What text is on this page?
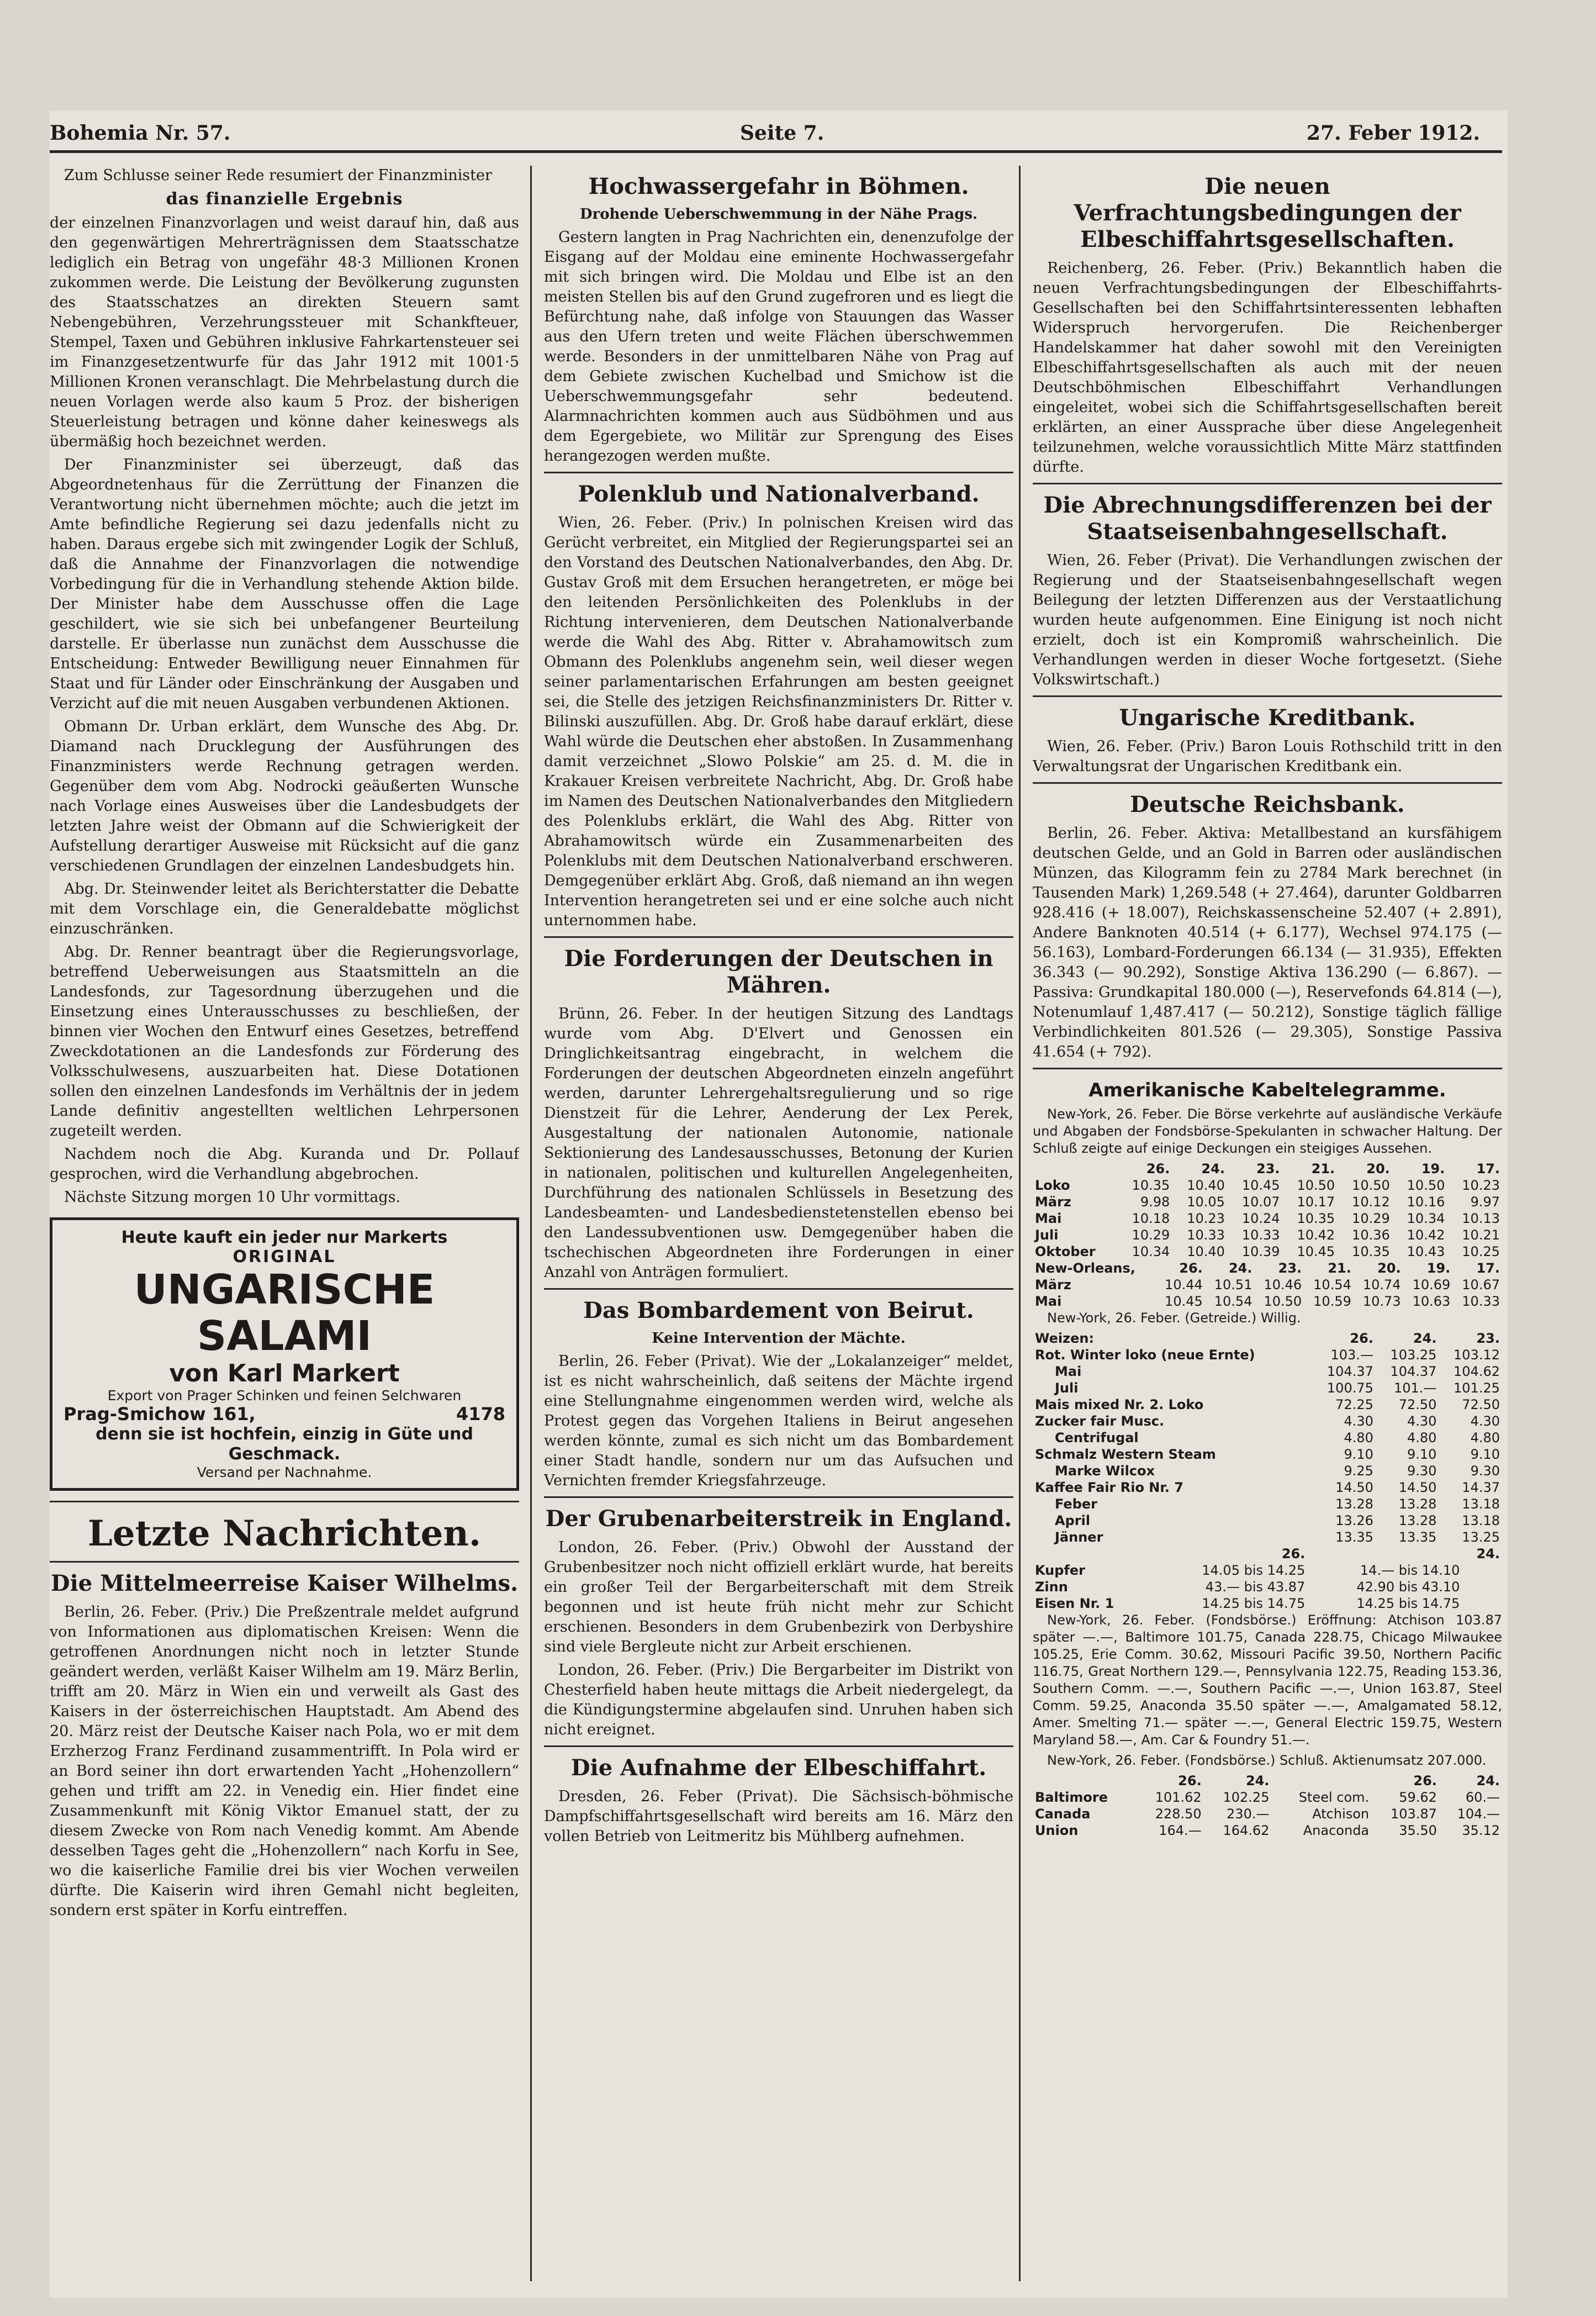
Bohemia Nr. 57.	Seite 7.	27. Feber 1912.

Zum Schlusse seiner Rede resumiert der Finanzminister

das finanzielle Ergebnis

der einzelnen Finanzvorlagen und weist darauf hin, daß aus den gegenwärtigen Mehrerträgnissen dem Staatsschatze lediglich ein Betrag von ungefähr 48·3 Millionen Kronen zukommen werde. Die Leistung der Bevölkerung zugunsten des Staatsschatzes an direkten Steuern samt Nebengebühren, Verzehrungssteuer mit Schankfteuer, Stempel, Taxen und Gebühren inklusive Fahrkartensteuer sei im Finanzgesetzentwurfe für das Jahr 1912 mit 1001·5 Millionen Kronen veranschlagt. Die Mehrbelastung durch die neuen Vorlagen werde also kaum 5 Proz. der bisherigen Steuerleistung betragen und könne daher keineswegs als übermäßig hoch bezeichnet werden.

Der Finanzminister sei überzeugt, daß das Abgeordnetenhaus für die Zerrüttung der Finanzen die Verantwortung nicht übernehmen möchte; auch die jetzt im Amte befindliche Regierung sei dazu jedenfalls nicht zu haben. Daraus ergebe sich mit zwingender Logik der Schluß, daß die Annahme der Finanzvorlagen die notwendige Vorbedingung für die in Verhandlung stehende Aktion bilde. Der Minister habe dem Ausschusse offen die Lage geschildert, wie sie sich bei unbefangener Beurteilung darstelle. Er überlasse nun zunächst dem Ausschusse die Entscheidung: Entweder Bewilligung neuer Einnahmen für Staat und für Länder oder Einschränkung der Ausgaben und Verzicht auf die mit neuen Ausgaben verbundenen Aktionen.

Obmann Dr. Urban erklärt, dem Wunsche des Abg. Dr. Diamand nach Drucklegung der Ausführungen des Finanzministers werde Rechnung getragen werden. Gegenüber dem vom Abg. Nodrocki geäußerten Wunsche nach Vorlage eines Ausweises über die Landesbudgets der letzten Jahre weist der Obmann auf die Schwierigkeit der Aufstellung derartiger Ausweise mit Rücksicht auf die ganz verschiedenen Grundlagen der einzelnen Landesbudgets hin.

Abg. Dr. Steinwender leitet als Berichterstatter die Debatte mit dem Vorschlage ein, die Generaldebatte möglichst einzuschränken.

Abg. Dr. Renner beantragt über die Regierungsvorlage, betreffend Ueberweisungen aus Staatsmitteln an die Landesfonds, zur Tagesordnung überzugehen und die Einsetzung eines Unterausschusses zu beschließen, der binnen vier Wochen den Entwurf eines Gesetzes, betreffend Zweckdotationen an die Landesfonds zur Förderung des Volksschulwesens, auszuarbeiten hat. Diese Dotationen sollen den einzelnen Landesfonds im Verhältnis der in jedem Lande definitiv angestellten weltlichen Lehrpersonen zugeteilt werden.

Nachdem noch die Abg. Kuranda und Dr. Pollauf gesprochen, wird die Verhandlung abgebrochen.

Nächste Sitzung morgen 10 Uhr vormittags.

Heute kauft ein jeder nur Markerts
ORIGINAL
UNGARISCHE SALAMI
von Karl Markert
Export von Prager Schinken und feinen Selchwaren
Prag-Smichow 161,	4178
denn sie ist hochfein, einzig in Güte und Geschmack.
Versand per Nachnahme.
Letzte Nachrichten.
Die Mittelmeerreise Kaiser Wilhelms.

Berlin, 26. Feber. (Priv.) Die Preßzentrale meldet aufgrund von Informationen aus diplomatischen Kreisen: Wenn die getroffenen Anordnungen nicht noch in letzter Stunde geändert werden, verläßt Kaiser Wilhelm am 19. März Berlin, trifft am 20. März in Wien ein und verweilt als Gast des Kaisers in der österreichischen Hauptstadt. Am Abend des 20. März reist der Deutsche Kaiser nach Pola, wo er mit dem Erzherzog Franz Ferdinand zusammentrifft. In Pola wird er an Bord seiner ihn dort erwartenden Yacht „Hohenzollern“ gehen und trifft am 22. in Venedig ein. Hier findet eine Zusammenkunft mit König Viktor Emanuel statt, der zu diesem Zwecke von Rom nach Venedig kommt. Am Abende desselben Tages geht die „Hohenzollern“ nach Korfu in See, wo die kaiserliche Familie drei bis vier Wochen verweilen dürfte. Die Kaiserin wird ihren Gemahl nicht begleiten, sondern erst später in Korfu eintreffen.

Hochwassergefahr in Böhmen.
Drohende Ueberschwemmung in der Nähe Prags.

Gestern langten in Prag Nachrichten ein, denenzufolge der Eisgang auf der Moldau eine eminente Hochwassergefahr mit sich bringen wird. Die Moldau und Elbe ist an den meisten Stellen bis auf den Grund zugefroren und es liegt die Befürchtung nahe, daß infolge von Stauungen das Wasser aus den Ufern treten und weite Flächen überschwemmen werde. Besonders in der unmittelbaren Nähe von Prag auf dem Gebiete zwischen Kuchelbad und Smichow ist die Ueberschwemmungsgefahr sehr bedeutend. Alarmnachrichten kommen auch aus Südböhmen und aus dem Egergebiete, wo Militär zur Sprengung des Eises herangezogen werden mußte.

Polenklub und Nationalverband.

Wien, 26. Feber. (Priv.) In polnischen Kreisen wird das Gerücht verbreitet, ein Mitglied der Regierungspartei sei an den Vorstand des Deutschen Nationalverbandes, den Abg. Dr. Gustav Groß mit dem Ersuchen herangetreten, er möge bei den leitenden Persönlichkeiten des Polenklubs in der Richtung intervenieren, dem Deutschen Nationalverbande werde die Wahl des Abg. Ritter v. Abrahamowitsch zum Obmann des Polenklubs angenehm sein, weil dieser wegen seiner parlamentarischen Erfahrungen am besten geeignet sei, die Stelle des jetzigen Reichsfinanzministers Dr. Ritter v. Bilinski auszufüllen. Abg. Dr. Groß habe darauf erklärt, diese Wahl würde die Deutschen eher abstoßen. In Zusammenhang damit verzeichnet „Slowo Polskie“ am 25. d. M. die in Krakauer Kreisen verbreitete Nachricht, Abg. Dr. Groß habe im Namen des Deutschen Nationalverbandes den Mitgliedern des Polenklubs erklärt, die Wahl des Abg. Ritter von Abrahamowitsch würde ein Zusammenarbeiten des Polenklubs mit dem Deutschen Nationalverband erschweren. Demgegenüber erklärt Abg. Groß, daß niemand an ihn wegen Intervention herangetreten sei und er eine solche auch nicht unternommen habe.

Die Forderungen der Deutschen in Mähren.

Brünn, 26. Feber. In der heutigen Sitzung des Landtags wurde vom Abg. D'Elvert und Genossen ein Dringlichkeitsantrag eingebracht, in welchem die Forderungen der deutschen Abgeordneten einzeln angeführt werden, darunter Lehrergehaltsregulierung und so rige Dienstzeit für die Lehrer, Aenderung der Lex Perek, Ausgestaltung der nationalen Autonomie, nationale Sektionierung des Landesausschusses, Betonung der Kurien in nationalen, politischen und kulturellen Angelegenheiten, Durchführung des nationalen Schlüssels in Besetzung des Landesbeamten- und Landesbedienstetenstellen ebenso bei den Landessubventionen usw. Demgegenüber haben die tschechischen Abgeordneten ihre Forderungen in einer Anzahl von Anträgen formuliert.

Das Bombardement von Beirut.
Keine Intervention der Mächte.

Berlin, 26. Feber (Privat). Wie der „Lokalanzeiger“ meldet, ist es nicht wahrscheinlich, daß seitens der Mächte irgend eine Stellungnahme eingenommen werden wird, welche als Protest gegen das Vorgehen Italiens in Beirut angesehen werden könnte, zumal es sich nicht um das Bombardement einer Stadt handle, sondern nur um das Aufsuchen und Vernichten fremder Kriegsfahrzeuge.

Der Grubenarbeiterstreik in England.

London, 26. Feber. (Priv.) Obwohl der Ausstand der Grubenbesitzer noch nicht offiziell erklärt wurde, hat bereits ein großer Teil der Bergarbeiterschaft mit dem Streik begonnen und ist heute früh nicht mehr zur Schicht erschienen. Besonders in dem Grubenbezirk von Derbyshire sind viele Bergleute nicht zur Arbeit erschienen.

London, 26. Feber. (Priv.) Die Bergarbeiter im Distrikt von Chesterfield haben heute mittags die Arbeit niedergelegt, da die Kündigungstermine abgelaufen sind. Unruhen haben sich nicht ereignet.

Die Aufnahme der Elbeschiffahrt.

Dresden, 26. Feber (Privat). Die Sächsisch-böhmische Dampfschiffahrtsgesellschaft wird bereits am 16. März den vollen Betrieb von Leitmeritz bis Mühlberg aufnehmen.

Die neuen Verfrachtungsbedingungen der Elbeschiffahrtsgesellschaften.

Reichenberg, 26. Feber. (Priv.) Bekanntlich haben die neuen Verfrachtungsbedingungen der Elbeschiffahrts-Gesellschaften bei den Schiffahrtsinteressenten lebhaften Widerspruch hervorgerufen. Die Reichenberger Handelskammer hat daher sowohl mit den Vereinigten Elbeschiffahrtsgesellschaften als auch mit der neuen Deutschböhmischen Elbeschiffahrt Verhandlungen eingeleitet, wobei sich die Schiffahrtsgesellschaften bereit erklärten, an einer Aussprache über diese Angelegenheit teilzunehmen, welche voraussichtlich Mitte März stattfinden dürfte.

Die Abrechnungsdifferenzen bei der Staatseisenbahngesellschaft.

Wien, 26. Feber (Privat). Die Verhandlungen zwischen der Regierung und der Staatseisenbahngesellschaft wegen Beilegung der letzten Differenzen aus der Verstaatlichung wurden heute aufgenommen. Eine Einigung ist noch nicht erzielt, doch ist ein Kompromiß wahrscheinlich. Die Verhandlungen werden in dieser Woche fortgesetzt. (Siehe Volkswirtschaft.)

Ungarische Kreditbank.

Wien, 26. Feber. (Priv.) Baron Louis Rothschild tritt in den Verwaltungsrat der Ungarischen Kreditbank ein.

Deutsche Reichsbank.

Berlin, 26. Feber. Aktiva: Metallbestand an kursfähigem deutschen Gelde, und an Gold in Barren oder ausländischen Münzen, das Kilogramm fein zu 2784 Mark berechnet (in Tausenden Mark) 1,269.548 (+ 27.464), darunter Goldbarren 928.416 (+ 18.007), Reichskassenscheine 52.407 (+ 2.891), Andere Banknoten 40.514 (+ 6.177), Wechsel 974.175 (— 56.163), Lombard-Forderungen 66.134 (— 31.935), Effekten 36.343 (— 90.292), Sonstige Aktiva 136.290 (— 6.867). — Passiva: Grundkapital 180.000 (—), Reservefonds 64.814 (—), Notenumlauf 1,487.417 (— 50.212), Sonstige täglich fällige Verbindlichkeiten 801.526 (— 29.305), Sonstige Passiva 41.654 (+ 792).

Amerikanische Kabeltelegramme.

New-York, 26. Feber. Die Börse verkehrte auf ausländische Verkäufe und Abgaben der Fondsbörse-Spekulanten in schwacher Haltung. Der Schluß zeigte auf einige Deckungen ein steigiges Aussehen.

	26.	24.	23.	21.	20.	19.	17.
Loko	10.35	10.40	10.45	10.50	10.50	10.50	10.23
März	9.98	10.05	10.07	10.17	10.12	10.16	9.97
Mai	10.18	10.23	10.24	10.35	10.29	10.34	10.13
Juli	10.29	10.33	10.33	10.42	10.36	10.42	10.21
Oktober	10.34	10.40	10.39	10.45	10.35	10.43	10.25
New-Orleans,	26.	24.	23.	21.	20.	19.	17.
März	10.44	10.51	10.46	10.54	10.74	10.69	10.67
Mai	10.45	10.54	10.50	10.59	10.73	10.63	10.33

New-York, 26. Feber. (Getreide.) Willig.

Weizen:	26.	24.	23.
Rot. Winter loko (neue Ernte)	103.—	103.25	103.12
Mai	104.37	104.37	104.62
Juli	100.75	101.—	101.25
Mais mixed Nr. 2. Loko	72.25	72.50	72.50
Zucker fair Musc.	4.30	4.30	4.30
Centrifugal	4.80	4.80	4.80
Schmalz Western Steam	9.10	9.10	9.10
Marke Wilcox	9.25	9.30	9.30
Kaffee Fair Rio Nr. 7	14.50	14.50	14.37
Feber	13.28	13.28	13.18
April	13.26	13.28	13.18
Jänner	13.35	13.35	13.25
	26.		24.
Kupfer	14.05 bis 14.25	14.— bis 14.10	
Zinn	43.— bis 43.87	42.90 bis 43.10	
Eisen Nr. 1	14.25 bis 14.75	14.25 bis 14.75	

New-York, 26. Feber. (Fondsbörse.) Eröffnung: Atchison 103.87 später —.—, Baltimore 101.75, Canada 228.75, Chicago Milwaukee 105.25, Erie Comm. 30.62, Missouri Pacific 39.50, Northern Pacific 116.75, Great Northern 129.—, Pennsylvania 122.75, Reading 153.36, Southern Comm. —.—, Southern Pacific —.—, Union 163.87, Steel Comm. 59.25, Anaconda 35.50 später —.—, Amalgamated 58.12, Amer. Smelting 71.— später —.—, General Electric 159.75, Western Maryland 58.—, Am. Car & Foundry 51.—.

New-York, 26. Feber. (Fondsbörse.) Schluß. Aktienumsatz 207.000.

	26.	24.		26.	24.
Baltimore	101.62	102.25	Steel com.	59.62	60.—
Canada	228.50	230.—	Atchison	103.87	104.—
Union	164.—	164.62	Anaconda	35.50	35.12
